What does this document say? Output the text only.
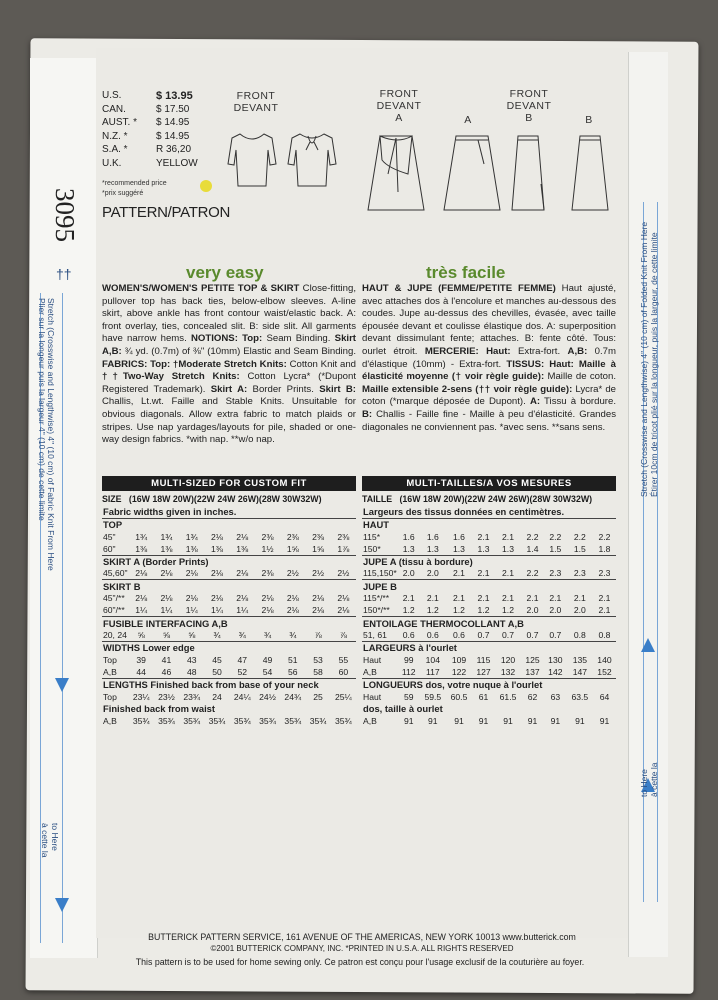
3095
††
Stretch (Crosswise and Lengthwise) 4" (10 cm) of Fabric Knit From Here
Plier sur la longeur puis la largeur 4" (10 cm) de cette limite
to Here
à cette la
Stretch (Crosswise and Lengthwise) 4" (10 cm) of Folded Knit From Here Étirer 10cm de tricot plié sur la longueur, puis la largeur, de cette limite
to Here à cette la
U.S.	$ 13.95
CAN.	$ 17.50
AUST. * $ 14.95
N.Z. *	$ 14.95
S.A. *	R 36,20
U.K.	YELLOW
*recommended price
*prix suggéré
PATTERN/PATRON
FRONT
DEVANT
FRONT
DEVANT
A	A
FRONT
DEVANT
B	B
very easy
WOMEN'S/WOMEN'S PETITE TOP & SKIRT Close-fitting, pullover top has back ties, below-elbow sleeves. A-line skirt, above ankle has front contour waist/elastic back. A: front overlay, ties, concealed slit. B: side slit. All garments have narrow hems. NOTIONS: Top: Seam Binding. Skirt A,B: ¾ yd. (0.7m) of ⅜" (10mm) Elastic and Seam Binding. FABRICS: Top: †Moderate Stretch Knits: Cotton Knit and ††Two-Way Stretch Knits: Cotton Lycra* (*Dupont Registered Trademark). Skirt A: Border Prints. Skirt B: Challis, Lt.wt. Faille and Stable Knits. Unsuitable for obvious diagonals. Allow extra fabric to match plaids or stripes. Use nap yardages/layouts for pile, shaded or one-way design fabrics. *with nap. **w/o nap.
MULTI-SIZED FOR CUSTOM FIT
SIZE (16W 18W 20W)(22W 24W 26W)(28W 30W32W)
Fabric widths given in inches.									
TOP									
45"	1¾	1¾	1¾	2⅛	2⅛	2⅜	2⅜	2⅜	2⅜
60"	1⅜	1⅜	1⅜	1⅜	1⅜	1½	1⅝	1⅝	1⅞
SKIRT A (Border Prints)									
45,60"	2⅛	2⅛	2⅛	2⅛	2⅛	2⅜	2½	2½	2½
SKIRT B									
45"/**	2⅛	2⅛	2⅛	2⅛	2⅛	2⅛	2⅛	2⅛	2⅛
60"/**	1¼	1¼	1¼	1¼	1¼	2⅛	2⅛	2⅛	2⅛
FUSIBLE INTERFACING A,B									
20, 24	⅝	⅝	⅝	¾	¾	¾	¾	⅞	⅞
WIDTHS Lower edge									
Top	39	41	43	45	47	49	51	53	55
A,B	44	46	48	50	52	54	56	58	60
LENGTHS Finished back from base of your neck									
Top	23¼	23½	23¾	24	24¼	24½	24¾	25	25¼
Finished back from waist									
A,B	35¾	35¾	35¾	35¾	35¾	35¾	35¾	35¾	35¾
très facile
HAUT & JUPE (FEMME/PETITE FEMME) Haut ajusté, avec attaches dos à l'encolure et manches au-dessous des coudes. Jupe au-dessus des chevilles, évasée, avec taille épousée devant et coulisse élastique dos. A: superposition devant dissimulant fente; attaches. B: fente côté. Tous: ourlet étroit. MERCERIE: Haut: Extra-fort. A,B: 0.7m d'élastique (10mm) - Extra-fort. TISSUS: Haut: Maille à élasticité moyenne († voir règle guide): Maille de coton. Maille extensible 2-sens (†† voir règle guide): Lycra* de coton (*marque déposée de Dupont). A: Tissu à bordure. B: Challis - Faille fine - Maille à peu d'élasticité. Grandes diagonales ne conviennent pas. *avec sens. **sans sens.
MULTI-TAILLES/A VOS MESURES
TAILLE (16W 18W 20W)(22W 24W 26W)(28W 30W32W)
Largeurs des tissus données en centimètres.									
HAUT									
115*	1.6	1.6	1.6	2.1	2.1	2.2	2.2	2.2	2.2
150*	1.3	1.3	1.3	1.3	1.3	1.4	1.5	1.5	1.8
JUPE A (tissu à bordure)									
115,150*	2.0	2.0	2.1	2.1	2.1	2.2	2.3	2.3	2.3
JUPE B									
115*/**	2.1	2.1	2.1	2.1	2.1	2.1	2.1	2.1	2.1
150*/**	1.2	1.2	1.2	1.2	1.2	2.0	2.0	2.0	2.1
ENTOILAGE THERMOCOLLANT A,B									
51, 61	0.6	0.6	0.6	0.7	0.7	0.7	0.7	0.8	0.8
LARGEURS à l'ourlet									
Haut	99	104	109	115	120	125	130	135	140
A,B	112	117	122	127	132	137	142	147	152
LONGUEURS dos, votre nuque à l'ourlet									
Haut	59	59.5	60.5	61	61.5	62	63	63.5	64
dos, taille à ourlet									
A,B	91	91	91	91	91	91	91	91	91
BUTTERICK PATTERN SERVICE, 161 AVENUE OF THE AMERICAS, NEW YORK 10013 www.butterick.com
©2001 BUTTERICK COMPANY, INC. *PRINTED IN U.S.A. ALL RIGHTS RESERVED
This pattern is to be used for home sewing only. Ce patron est conçu pour l'usage exclusif de la couturière au foyer.
